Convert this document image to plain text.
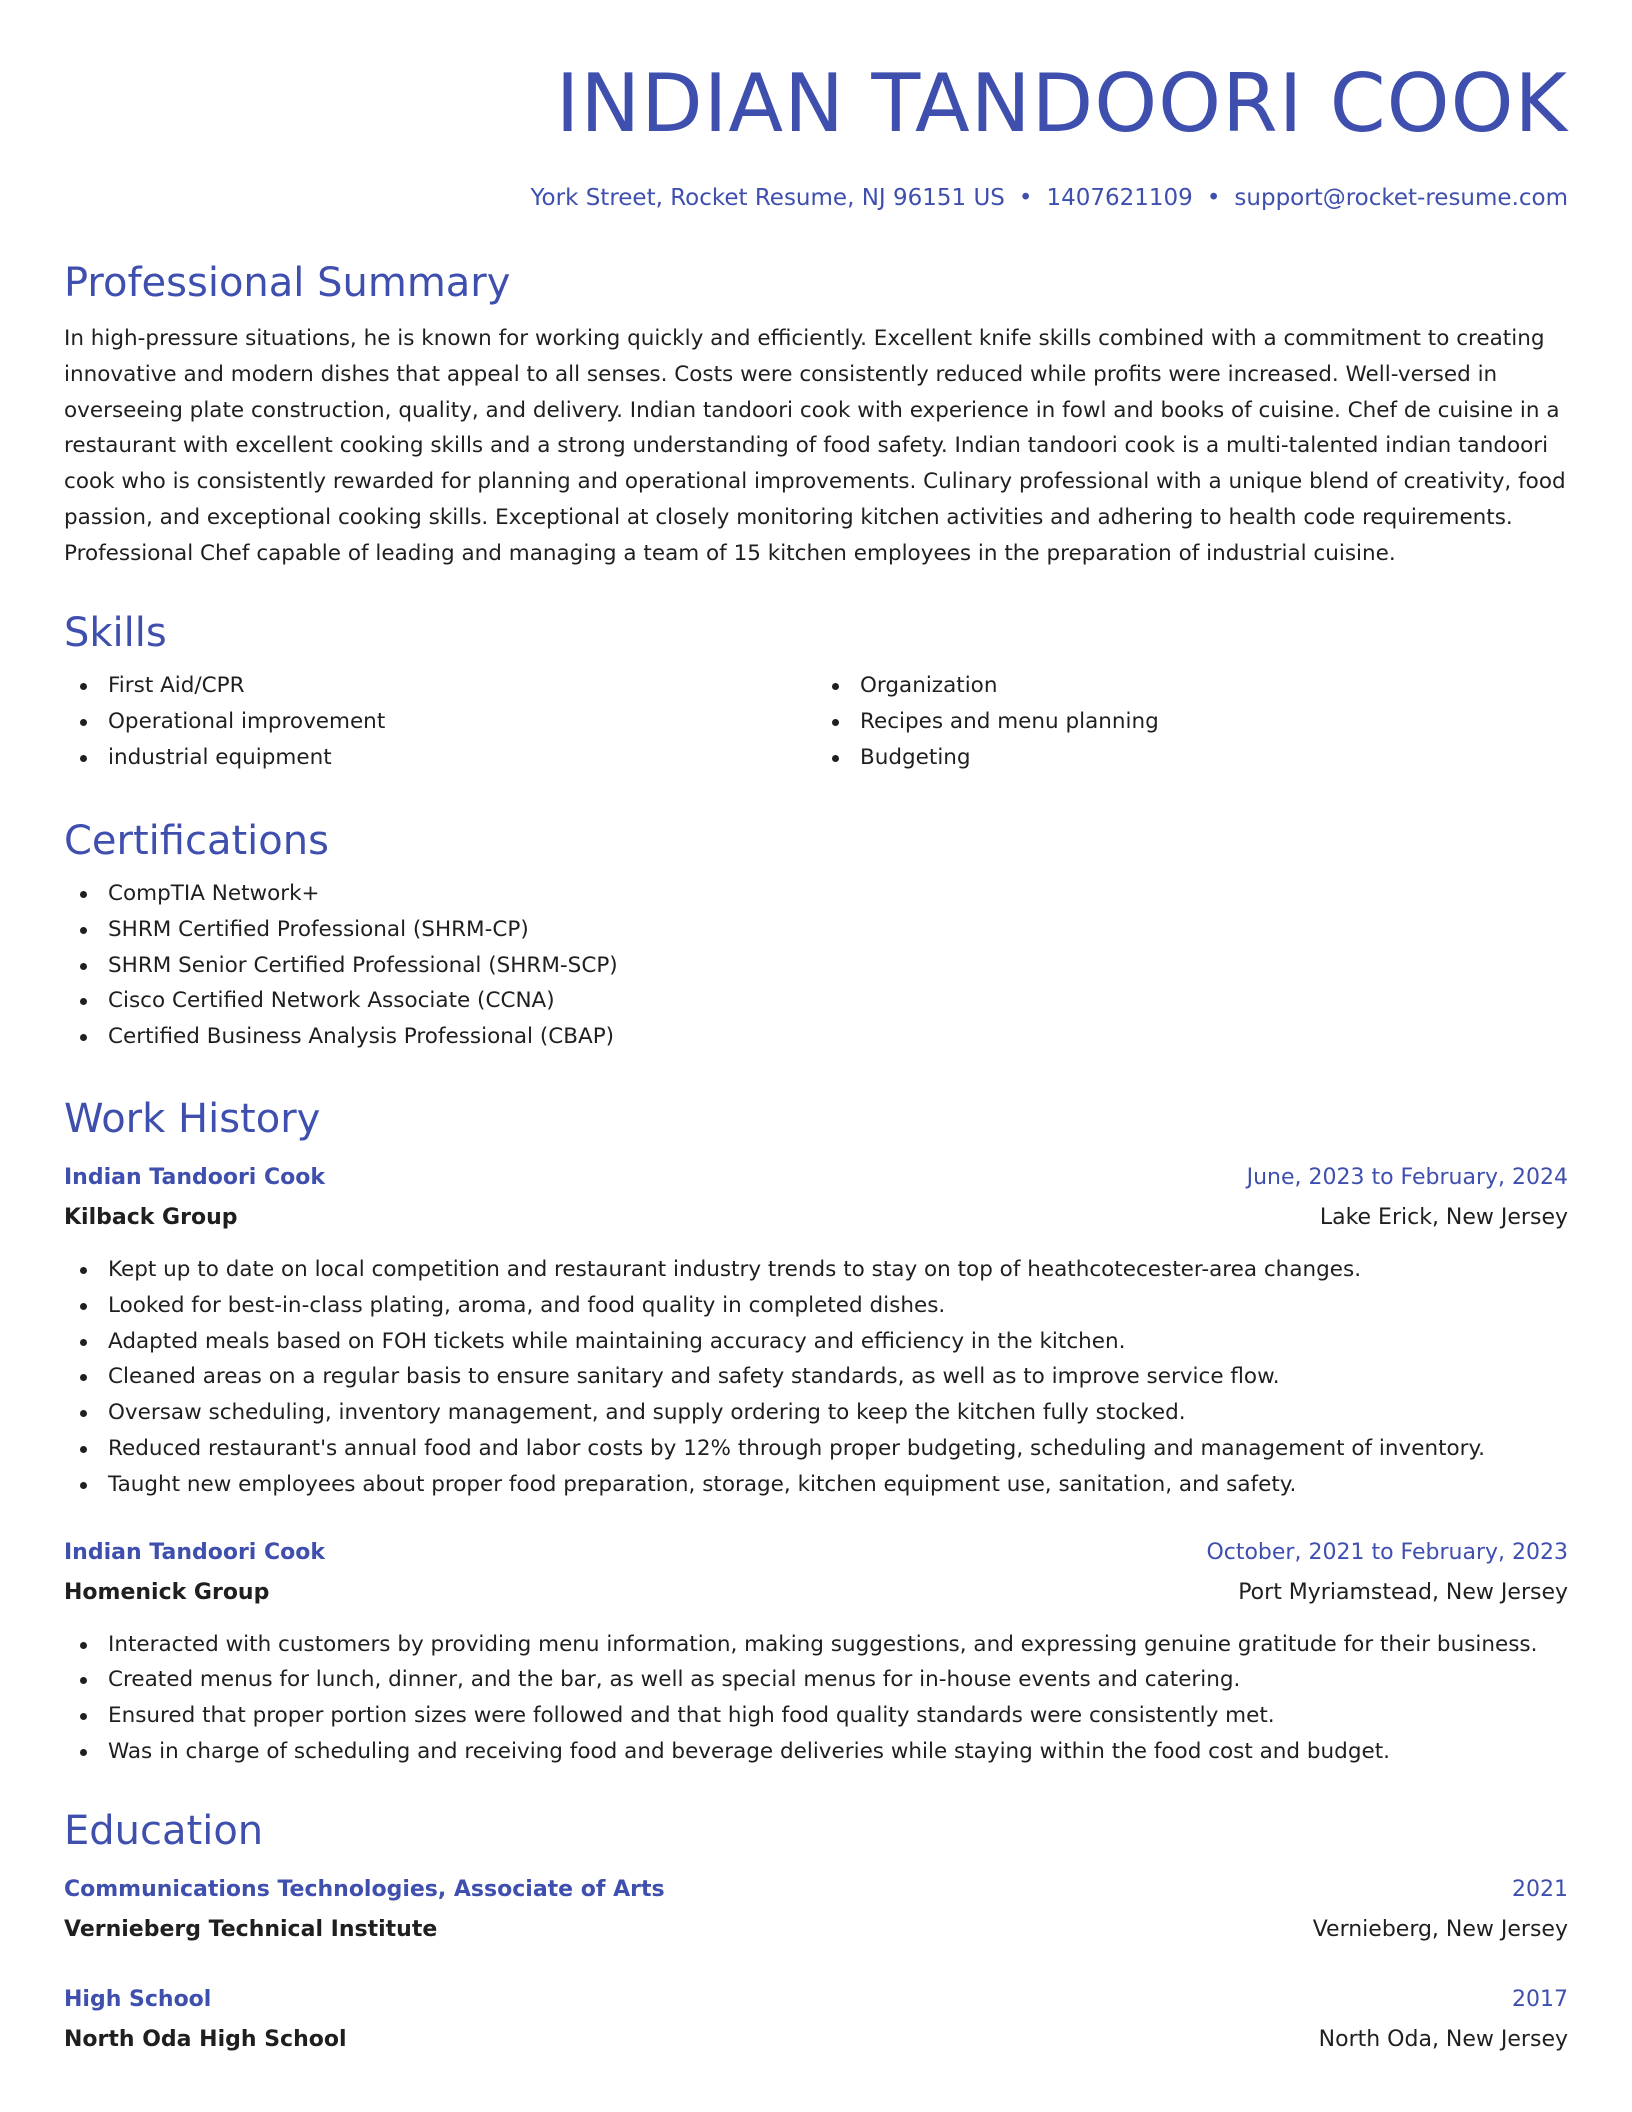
INDIAN TANDOORI COOK
York Street, Rocket Resume, NJ 96151 US • 1407621109 • support@rocket-resume.com
Professional Summary

In high-pressure situations, he is known for working quickly and efficiently. Excellent knife skills combined with a commitment to creating innovative and modern dishes that appeal to all senses. Costs were consistently reduced while profits were increased. Well-versed in overseeing plate construction, quality, and delivery. Indian tandoori cook with experience in fowl and books of cuisine. Chef de cuisine in a restaurant with excellent cooking skills and a strong understanding of food safety. Indian tandoori cook is a multi-talented indian tandoori cook who is consistently rewarded for planning and operational improvements. Culinary professional with a unique blend of creativity, food passion, and exceptional cooking skills. Exceptional at closely monitoring kitchen activities and adhering to health code requirements. Professional Chef capable of leading and managing a team of 15 kitchen employees in the preparation of industrial cuisine.

Skills
First Aid/CPR
Operational improvement
industrial equipment
Organization
Recipes and menu planning
Budgeting
Certifications
CompTIA Network+
SHRM Certified Professional (SHRM-CP)
SHRM Senior Certified Professional (SHRM-SCP)
Cisco Certified Network Associate (CCNA)
Certified Business Analysis Professional (CBAP)
Work History
Indian Tandoori Cook	June, 2023 to February, 2024
Kilback Group	Lake Erick, New Jersey
Kept up to date on local competition and restaurant industry trends to stay on top of heathcotecester-area changes.
Looked for best-in-class plating, aroma, and food quality in completed dishes.
Adapted meals based on FOH tickets while maintaining accuracy and efficiency in the kitchen.
Cleaned areas on a regular basis to ensure sanitary and safety standards, as well as to improve service flow.
Oversaw scheduling, inventory management, and supply ordering to keep the kitchen fully stocked.
Reduced restaurant's annual food and labor costs by 12% through proper budgeting, scheduling and management of inventory.
Taught new employees about proper food preparation, storage, kitchen equipment use, sanitation, and safety.
Indian Tandoori Cook	October, 2021 to February, 2023
Homenick Group	Port Myriamstead, New Jersey
Interacted with customers by providing menu information, making suggestions, and expressing genuine gratitude for their business.
Created menus for lunch, dinner, and the bar, as well as special menus for in-house events and catering.
Ensured that proper portion sizes were followed and that high food quality standards were consistently met.
Was in charge of scheduling and receiving food and beverage deliveries while staying within the food cost and budget.
Education
Communications Technologies, Associate of Arts	2021
Vernieberg Technical Institute	Vernieberg, New Jersey
High School	2017
North Oda High School	North Oda, New Jersey
